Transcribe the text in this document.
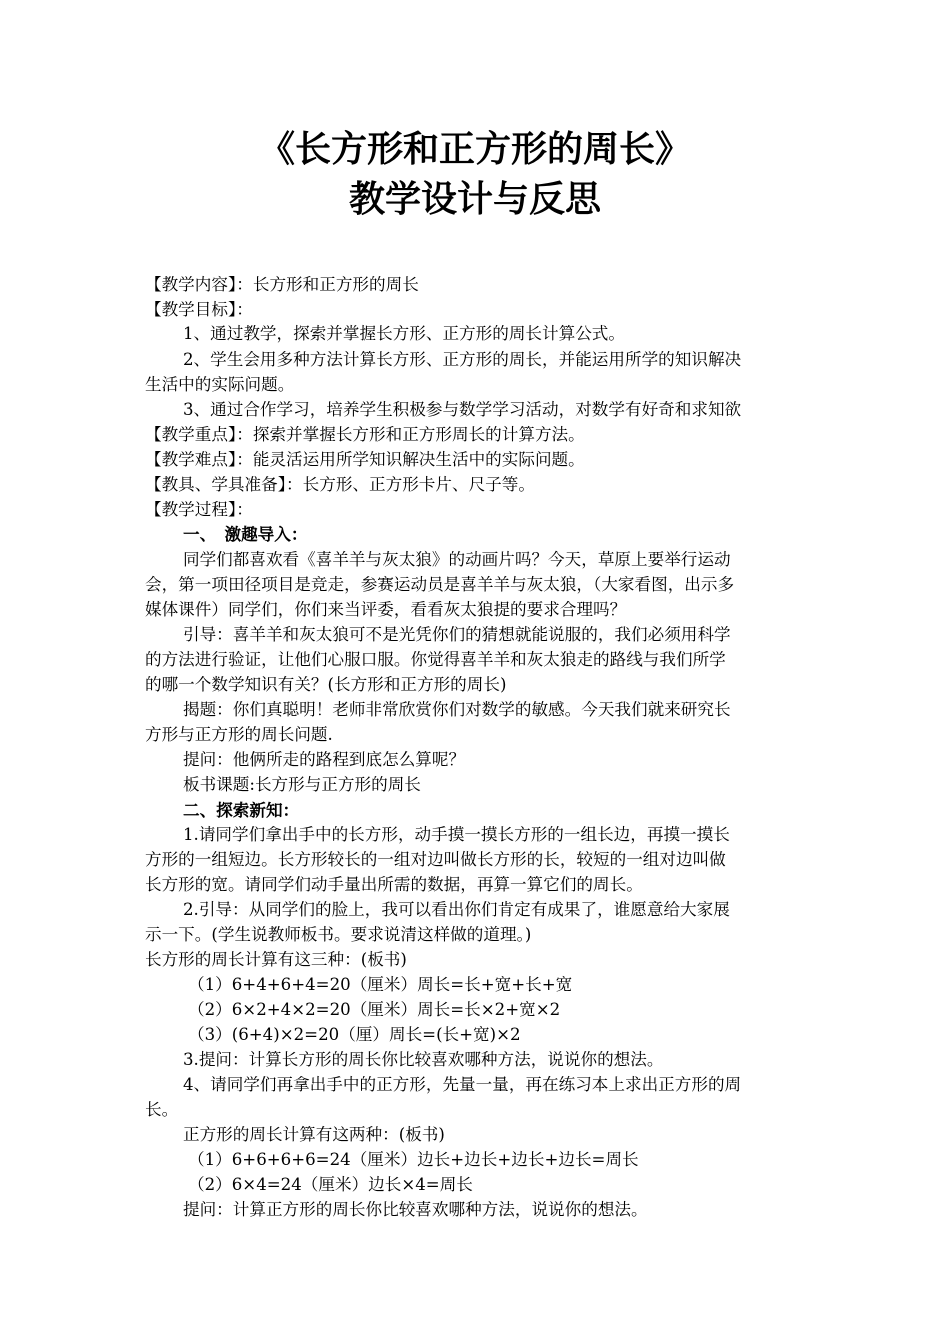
《长方形和正方形的周长》
教学设计与反思
【教学内容】：长方形和正方形的周长
【教学目标】：
1、通过教学，探索并掌握长方形、正方形的周长计算公式。
2、学生会用多种方法计算长方形、正方形的周长，并能运用所学的知识解决
生活中的实际问题。
3、通过合作学习，培养学生积极参与数学学习活动，对数学有好奇和求知欲
【教学重点】：探索并掌握长方形和正方形周长的计算方法。
【教学难点】：能灵活运用所学知识解决生活中的实际问题。
【教具、学具准备】：长方形、正方形卡片、尺子等。
【教学过程】：
一、　激趣导入：
同学们都喜欢看《喜羊羊与灰太狼》的动画片吗？今天，草原上要举行运动
会，第一项田径项目是竞走，参赛运动员是喜羊羊与灰太狼，（大家看图，出示多
媒体课件）同学们，你们来当评委，看看灰太狼提的要求合理吗？
引导：喜羊羊和灰太狼可不是光凭你们的猜想就能说服的，我们必须用科学
的方法进行验证，让他们心服口服。你觉得喜羊羊和灰太狼走的路线与我们所学
的哪一个数学知识有关？(长方形和正方形的周长)
揭题：你们真聪明！老师非常欣赏你们对数学的敏感。今天我们就来研究长
方形与正方形的周长问题.
提问：他俩所走的路程到底怎么算呢？
板书课题:长方形与正方形的周长
二、探索新知：
1.请同学们拿出手中的长方形，动手摸一摸长方形的一组长边，再摸一摸长
方形的一组短边。长方形较长的一组对边叫做长方形的长，较短的一组对边叫做
长方形的宽。请同学们动手量出所需的数据，再算一算它们的周长。
2.引导：从同学们的脸上，我可以看出你们肯定有成果了，谁愿意给大家展
示一下。(学生说教师板书。要求说清这样做的道理。)
长方形的周长计算有这三种：(板书)
（1）6+4+6+4=20（厘米）周长=长+宽+长+宽
（2）6×2+4×2=20（厘米）周长=长×2+宽×2
（3）(6+4)×2=20（厘）周长=(长+宽)×2
3.提问：计算长方形的周长你比较喜欢哪种方法，说说你的想法。
4、请同学们再拿出手中的正方形，先量一量，再在练习本上求出正方形的周
长。
正方形的周长计算有这两种：(板书)
（1）6+6+6+6=24（厘米）边长+边长+边长+边长=周长
（2）6×4=24（厘米）边长×4=周长
提问：计算正方形的周长你比较喜欢哪种方法，说说你的想法。
